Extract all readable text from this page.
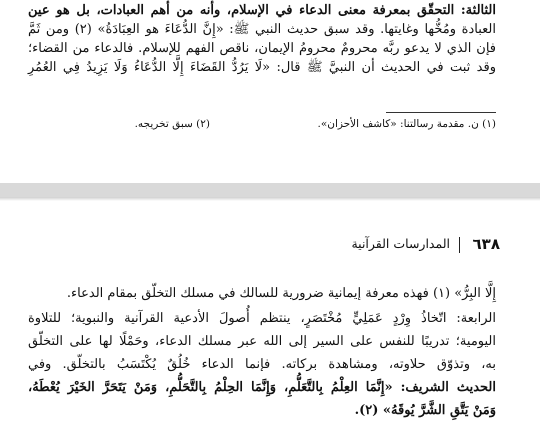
الثالثة: التحقّق بمعرفة معنى الدعاء في الإسلام، وأنه من أهم العبادات، بل هو عين
العبادة ومُخُّها وغايتها. وقد سبق حديث النبي ﷺ: «إِنَّ الدُّعَاءَ هو العِبَادَةُ» (٢) ومن ثَمَّ
فإن الذي لا يدعو ربَّه محرومٌ محرومُ الإيمان، ناقص الفهم للإسلام. فالدعاء من القضاء؛
وقد ثبت في الحديث أن النبيَّ ﷺ قال: «لَا يَرُدُّ القَضَاءَ إِلَّا الدُّعَاءُ وَلَا يَزِيدُ فِي العُمُرِ
(١) ن. مقدمة رسالتنا: «كاشف الأحزان».
(٢) سبق تخريجه.
٦٣٨
المدارسات القرآنية
إِلَّا البِرُّ» (١) فهذه معرفة إيمانية ضرورية للسالك في مسلك التخلّق بمقام الدعاء.
الرابعة: اتّخاذُ وِرْدٍ عَمَلِيٍّ مُخْتَصَرٍ، ينتظم أُصولَ الأدعية القرآنية والنبوية؛ للتلاوة
اليومية؛ تدريبًا للنفس على السير إلى الله عبر مسلك الدعاء، وحَمْلًا لها على التخلّق
به، وتذوّق حلاوته، ومشاهدة بركاته. فإنما الدعاء خُلُقٌ يُكْتَسَبُ بالتخلّق. وفي
الحديث الشريف: «إِنَّمَا العِلْمُ بِالتَّعَلُّمِ، وَإِنَّمَا الحِلْمُ بِالتَّحَلُّمِ، وَمَنْ يَتَحَرَّ الخَيْرَ يُعْطَهُ،
وَمَنْ يَتَّقِ الشَّرَّ يُوقَهُ» (٢).
